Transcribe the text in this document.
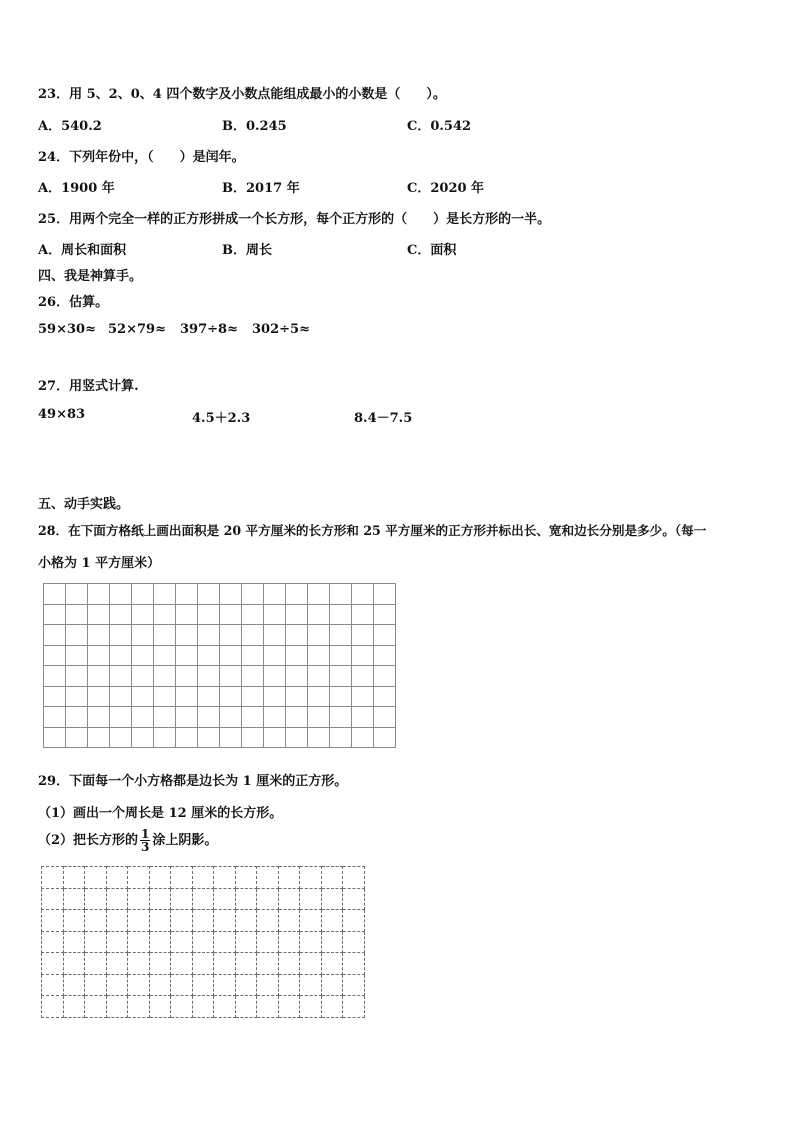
23．用 5、2、0、4 四个数字及小数点能组成最小的小数是（　　）。
A．540.2	B．0.245	C．0.542
24．下列年份中，（　　）是闰年。
A．1900 年	B．2017 年	C．2020 年
25．用两个完全一样的正方形拼成一个长方形，每个正方形的（　　）是长方形的一半。
A．周长和面积	B．周长	C．面积
四、我是神算手。
26．估算。
59×30≈ 52×79≈ 397÷8≈ 302÷5≈
27．用竖式计算.
49×83	4.5＋2.3	8.4－7.5
五、动手实践。
28．在下面方格纸上画出面积是 20 平方厘米的长方形和 25 平方厘米的正方形并标出长、宽和边长分别是多少。（每一
小格为 1 平方厘米）

29．下面每一个小方格都是边长为 1 厘米的正方形。
（1）画出一个周长是 12 厘米的长方形。
（2）把长方形的 $\frac{1}{3}$ 涂上阴影。
